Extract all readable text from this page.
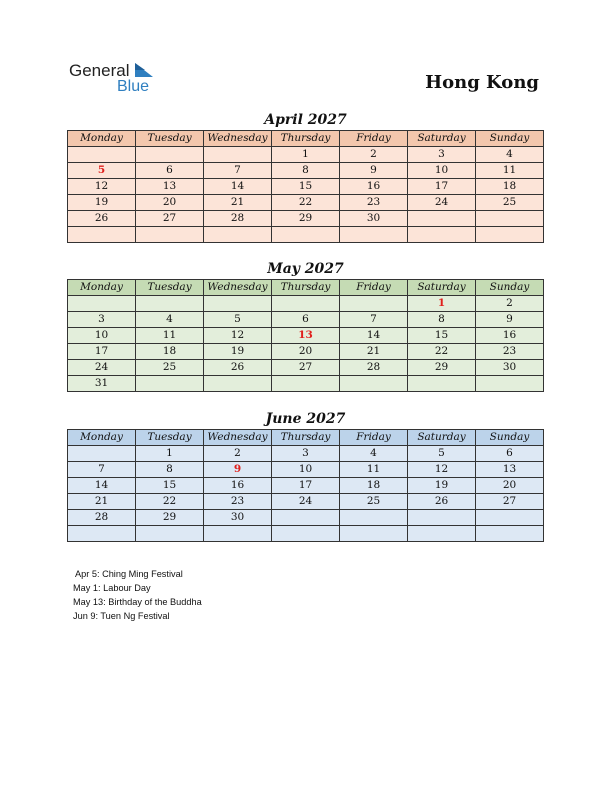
General
Blue	Hong Kong
April 2027
Monday	Tuesday	Wednesday	Thursday	Friday	Saturday	Sunday
			1	2	3	4
5	6	7	8	9	10	11
12	13	14	15	16	17	18
19	20	21	22	23	24	25
26	27	28	29	30		

May 2027
Monday	Tuesday	Wednesday	Thursday	Friday	Saturday	Sunday
					1	2
3	4	5	6	7	8	9
10	11	12	13	14	15	16
17	18	19	20	21	22	23
24	25	26	27	28	29	30
31						
June 2027
Monday	Tuesday	Wednesday	Thursday	Friday	Saturday	Sunday
	1	2	3	4	5	6
7	8	9	10	11	12	13
14	15	16	17	18	19	20
21	22	23	24	25	26	27
28	29	30				

Apr 5: Ching Ming Festival
May 1: Labour Day
May 13: Birthday of the Buddha
Jun 9: Tuen Ng Festival
